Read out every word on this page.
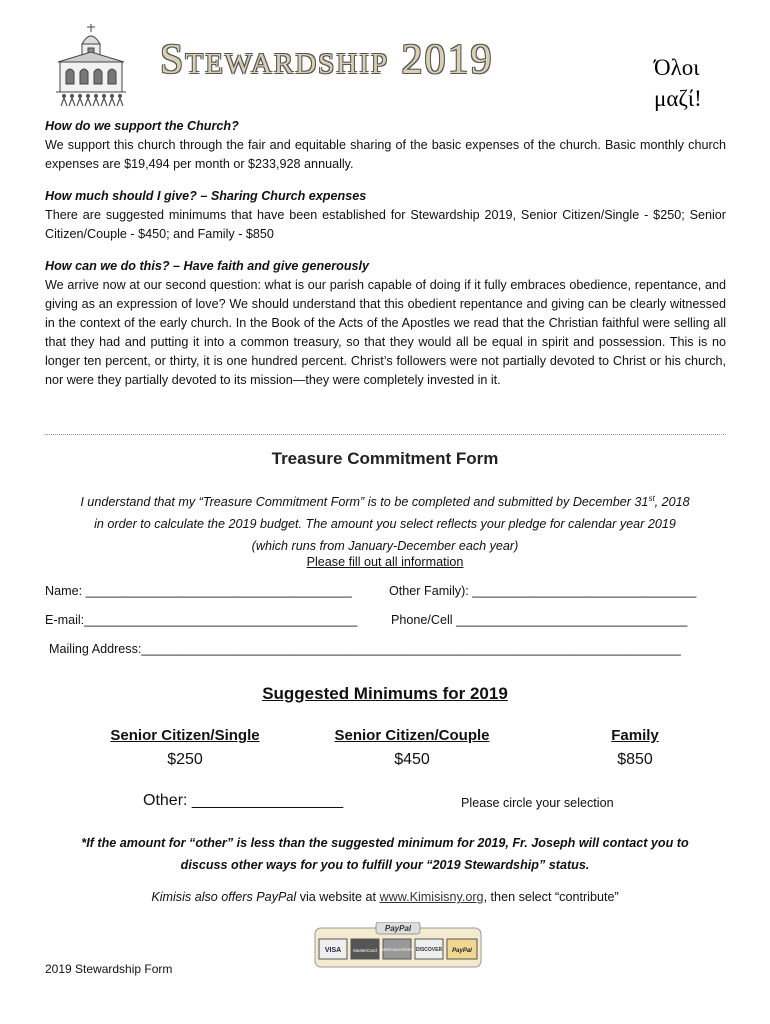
Stewardship 2019	Όλοι
μαζί!
How do we support the Church?
We support this church through the fair and equitable sharing of the basic expenses of the church. Basic monthly church expenses are $19,494 per month or $233,928 annually.
How much should I give? – Sharing Church expenses
There are suggested minimums that have been established for Stewardship 2019, Senior Citizen/Single - $250; Senior Citizen/Couple - $450; and Family - $850
How can we do this? – Have faith and give generously
We arrive now at our second question: what is our parish capable of doing if it fully embraces obedience, repentance, and giving as an expression of love? We should understand that this obedient repentance and giving can be clearly witnessed in the context of the early church. In the Book of the Acts of the Apostles we read that the Christian faithful were selling all that they had and putting it into a common treasury, so that they would all be equal in spirit and possession. This is no longer ten percent, or thirty, it is one hundred percent. Christ’s followers were not partially devoted to Christ or his church, nor were they partially devoted to its mission—they were completely invested in it.
Treasure Commitment Form
I understand that my “Treasure Commitment Form” is to be completed and submitted by December 31st, 2018
in order to calculate the 2019 budget. The amount you select reflects your pledge for calendar year 2019
(which runs from January-December each year)
Please fill out all information
Name: ______________________________________	Other Family): ________________________________
E-mail:_______________________________________	Phone/Cell _________________________________
Mailing Address:_____________________________________________________________________________
Suggested Minimums for 2019
Senior Citizen/Single
$250
Senior Citizen/Couple
$450
Family
$850
Other: _________________	Please circle your selection
*If the amount for “other” is less than the suggested minimum for 2019, Fr. Joseph will contact you to
discuss other ways for you to fulfill your “2019 Stewardship” status.
Kimisis also offers PayPal via website at www.Kimisisny.org, then select “contribute”
PayPal
VISA	MasterCard AMERICAN EXPRESS DISCOVER PayPal
2019 Stewardship Form
